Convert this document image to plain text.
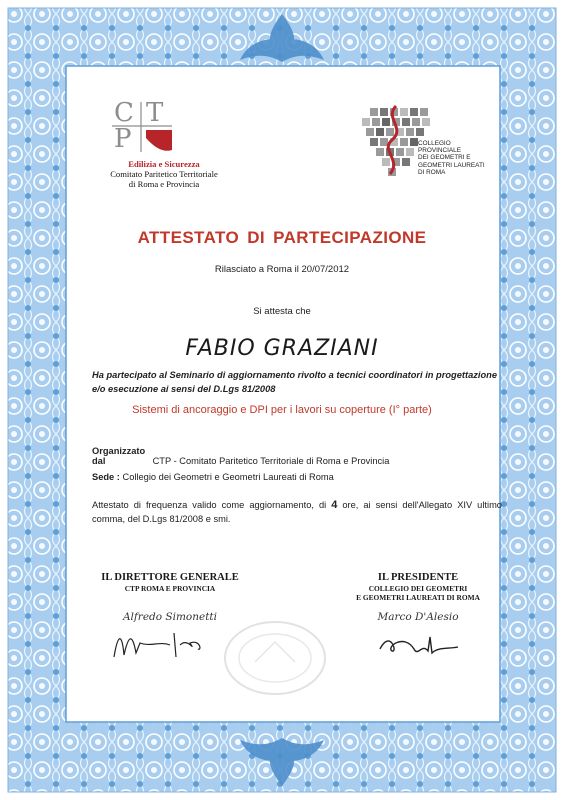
C T
P
Edilizia e Sicurezza
Comitato Paritetico Territoriale
di Roma e Provincia
COLLEGIO
PROVINCIALE
DEI GEOMETRI E
GEOMETRI LAUREATI
DI ROMA
ATTESTATO DI PARTECIPAZIONE
Rilasciato a Roma il 20/07/2012
Si attesta che
FABIO GRAZIANI
Ha partecipato al Seminario di aggiornamento rivolto a tecnici coordinatori in progettazione e/o esecuzione ai sensi del D.Lgs 81/2008
Sistemi di ancoraggio e DPI per i lavori su coperture (I° parte)
Organizzato dal	CTP - Comitato Paritetico Territoriale di Roma e Provincia
Sede : Collegio dei Geometri e Geometri Laureati di Roma
Attestato di frequenza valido come aggiornamento, di 4 ore, ai sensi dell'Allegato XIV ultimo comma, del D.Lgs 81/2008 e smi.
IL DIRETTORE GENERALE
CTP ROMA E PROVINCIA
Alfredo Simonetti
IL PRESIDENTE
COLLEGIO DEI GEOMETRI
E GEOMETRI LAUREATI DI ROMA
Marco D'Alesio
